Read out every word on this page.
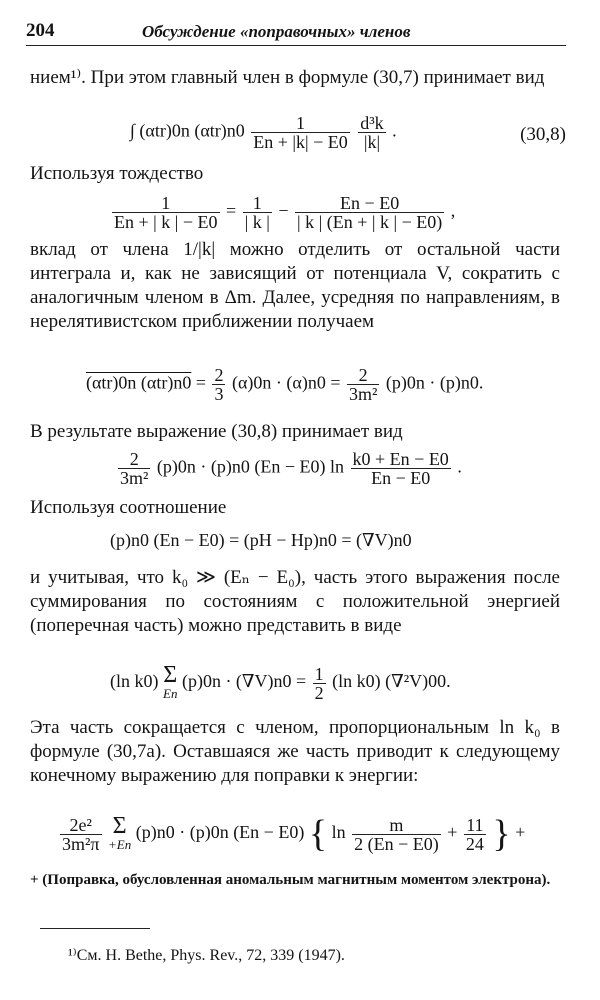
204	Обсуждение «поправочных» членов
нием¹⁾. При этом главный член в формуле (30,7) принимает вид
∫ (αtr)0n $(\alpha tr)n0 \frac{1}{En + |k| - E0}$
$\frac{\text{d³k}}{|k|}$ .	(30,8)
Используя тождество
$\frac{1}{En + | k | - E0} = \frac{1}{| k |} - \frac{En - E0}{| k | (En + | k | - E0)}$ ,
вклад от члена 1/|k| можно отделить от остальной части интеграла и, как не зависящий от потенциала V, сократить с аналогичным членом в Δm. Далее, усредняя по направлениям, в нерелятивистском приближении получаем
(αtr)0n $(\alpha tr)n0 = \frac{2}{3} (\alpha)0n \cdot (\alpha)n0 = \frac{2}{\text{3m²}} (p)0n \cdot (p)n0$.
В результате выражение (30,8) принимает вид
$\frac{2}{\text{3m²}} (p)0n \cdot (p)n0$ (En − E0) $\ln \frac{k0 + En - E0}{En - E0}$ .
Используя соотношение
(p)n0 (En − E0) = (pH − Hp)n0 = (∇V)n0
и учитывая, что k₀ ≫ (Eₙ − E₀), часть этого выражения после суммирования по состояниям с положительной энергией (поперечная часть) можно представить в виде
(ln k0) Σ
En
$(p)0n \cdot (\nabla V)n0 = \frac{1}{2} (\ln$ k0) (∇²V)00.
Эта часть сокращается с членом, пропорциональным ln k₀ в формуле (30,7а). Оставшаяся же часть приводит к следующему конечному выражению для поправки к энергии:
$\frac{\text{2e²}}{\text{3m²π}}$
Σ
+En
(p)n0 · (p)0n (En − E0) { $\ln \frac{m}{2 (En - E0)} + \frac{11}{24}$ } +
+ (Поправка, обусловленная аномальным магнитным моментом электрона).
¹⁾См. H. Bethe, Phys. Rev., 72, 339 (1947).
